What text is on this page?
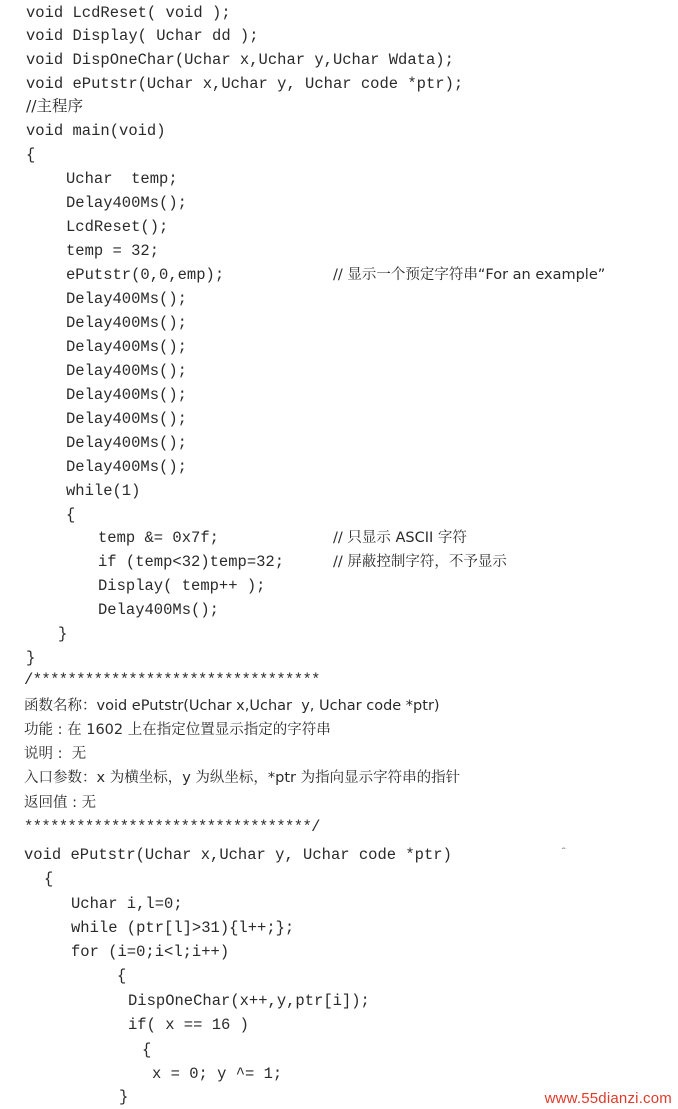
void LcdReset( void );
void Display( Uchar dd );
void DispOneChar(Uchar x,Uchar y,Uchar Wdata);
void ePutstr(Uchar x,Uchar y, Uchar code *ptr);
//主程序
void main(void)
{
Uchar  temp;
Delay400Ms();
LcdReset();
temp = 32;
ePutstr(0,0,emp);	// 显示一个预定字符串“For an example”
Delay400Ms();
Delay400Ms();
Delay400Ms();
Delay400Ms();
Delay400Ms();
Delay400Ms();
Delay400Ms();
Delay400Ms();
while(1)
{
temp &= 0x7f;	// 只显示 ASCII 字符
if (temp<32)temp=32;	// 屏蔽控制字符，不予显示
Display( temp++ );
Delay400Ms();
}
}
/*********************************
函数名称：void ePutstr(Uchar x,Uchar  y, Uchar code *ptr)
功能 : 在 1602 上在指定位置显示指定的字符串
说明 :  无
入口参数：x 为横坐标，y 为纵坐标，*ptr 为指向显示字符串的指针
返回值 : 无
*********************************/
void ePutstr(Uchar x,Uchar y, Uchar code *ptr)	ˆ
{
Uchar i,l=0;
while (ptr[l]>31){l++;};
for (i=0;i<l;i++)
{
DispOneChar(x++,y,ptr[i]);
if( x == 16 )
{
x = 0; y ^= 1;
}	www.55dianzi.com
